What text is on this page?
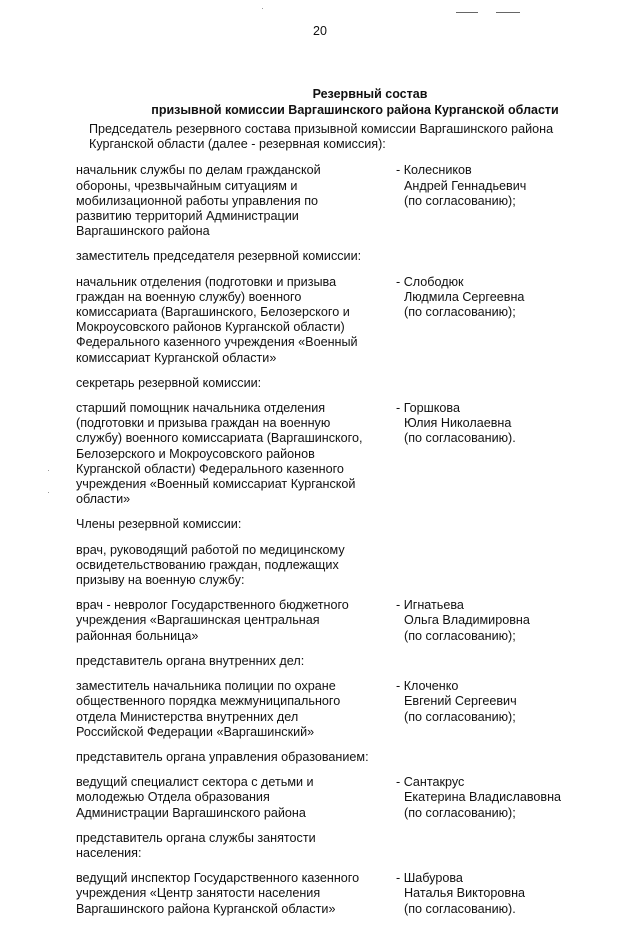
20
Резервный состав
призывной комиссии Варгашинского района Курганской области
Председатель резервного состава призывной комиссии Варгашинского района Курганской области (далее - резервная комиссия):
начальник службы по делам гражданской обороны, чрезвычайным ситуациям и мобилизационной работы управления по развитию территорий Администрации Варгашинского района
- Колесников
Андрей Геннадьевич
(по согласованию);
заместитель председателя резервной комиссии:
начальник отделения (подготовки и призыва граждан на военную службу) военного комиссариата (Варгашинского, Белозерского и Мокроусовского районов Курганской области) Федерального казенного учреждения «Военный комиссариат Курганской области»
- Слободюк
Людмила Сергеевна
(по согласованию);
секретарь резервной комиссии:
старший помощник начальника отделения (подготовки и призыва граждан на военную службу) военного комиссариата (Варгашинского, Белозерского и Мокроусовского районов Курганской области) Федерального казенного учреждения «Военный комиссариат Курганской области»
- Горшкова
Юлия Николаевна
(по согласованию).
Члены резервной комиссии:
врач, руководящий работой по медицинскому освидетельствованию граждан, подлежащих призыву на военную службу:
врач - невролог Государственного бюджетного учреждения «Варгашинская центральная районная больница»
- Игнатьева
Ольга Владимировна
(по согласованию);
представитель органа внутренних дел:
заместитель начальника полиции по охране общественного порядка межмуниципального отдела Министерства внутренних дел Российской Федерации «Варгашинский»
- Клоченко
Евгений Сергеевич
(по согласованию);
представитель органа управления образованием:
ведущий специалист сектора с детьми и молодежью Отдела образования Администрации Варгашинского района
- Сантакрус
Екатерина Владиславовна
(по согласованию);
представитель органа службы занятости населения:
ведущий инспектор Государственного казенного учреждения «Центр занятости населения Варгашинского района Курганской области»
- Шабурова
Наталья Викторовна
(по согласованию).
